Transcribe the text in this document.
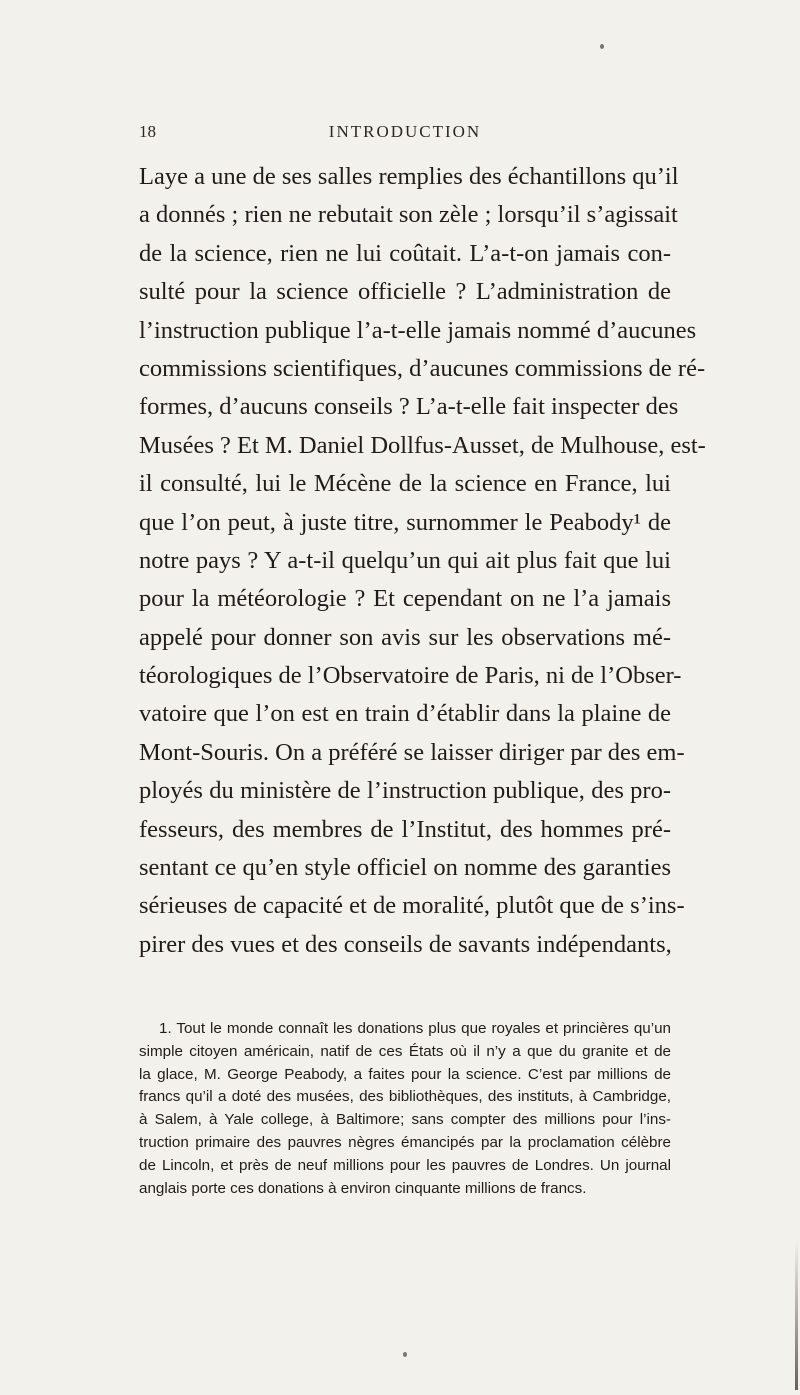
18	INTRODUCTION
Laye a une de ses salles remplies des échantillons qu’il
a donnés ; rien ne rebutait son zèle ; lorsqu’il s’agissait
de la science, rien ne lui coûtait. L’a-t-on jamais con-
sulté pour la science officielle ? L’administration de
l’instruction publique l’a-t-elle jamais nommé d’aucunes
commissions scientifiques, d’aucunes commissions de ré-
formes, d’aucuns conseils ? L’a-t-elle fait inspecter des
Musées ? Et M. Daniel Dollfus-Ausset, de Mulhouse, est-
il consulté, lui le Mécène de la science en France, lui
que l’on peut, à juste titre, surnommer le Peabody¹ de
notre pays ? Y a-t-il quelqu’un qui ait plus fait que lui
pour la météorologie ? Et cependant on ne l’a jamais
appelé pour donner son avis sur les observations mé-
téorologiques de l’Observatoire de Paris, ni de l’Obser-
vatoire que l’on est en train d’établir dans la plaine de
Mont-Souris. On a préféré se laisser diriger par des em-
ployés du ministère de l’instruction publique, des pro-
fesseurs, des membres de l’Institut, des hommes pré-
sentant ce qu’en style officiel on nomme des garanties
sérieuses de capacité et de moralité, plutôt que de s’ins-
pirer des vues et des conseils de savants indépendants,
1. Tout le monde connaît les donations plus que royales et princières qu’un
simple citoyen américain, natif de ces États où il n’y a que du granite et de
la glace, M. George Peabody, a faites pour la science. C’est par millions de
francs qu’il a doté des musées, des bibliothèques, des instituts, à Cambridge,
à Salem, à Yale college, à Baltimore; sans compter des millions pour l’ins-
truction primaire des pauvres nègres émancipés par la proclamation célèbre
de Lincoln, et près de neuf millions pour les pauvres de Londres. Un journal
anglais porte ces donations à environ cinquante millions de francs.
